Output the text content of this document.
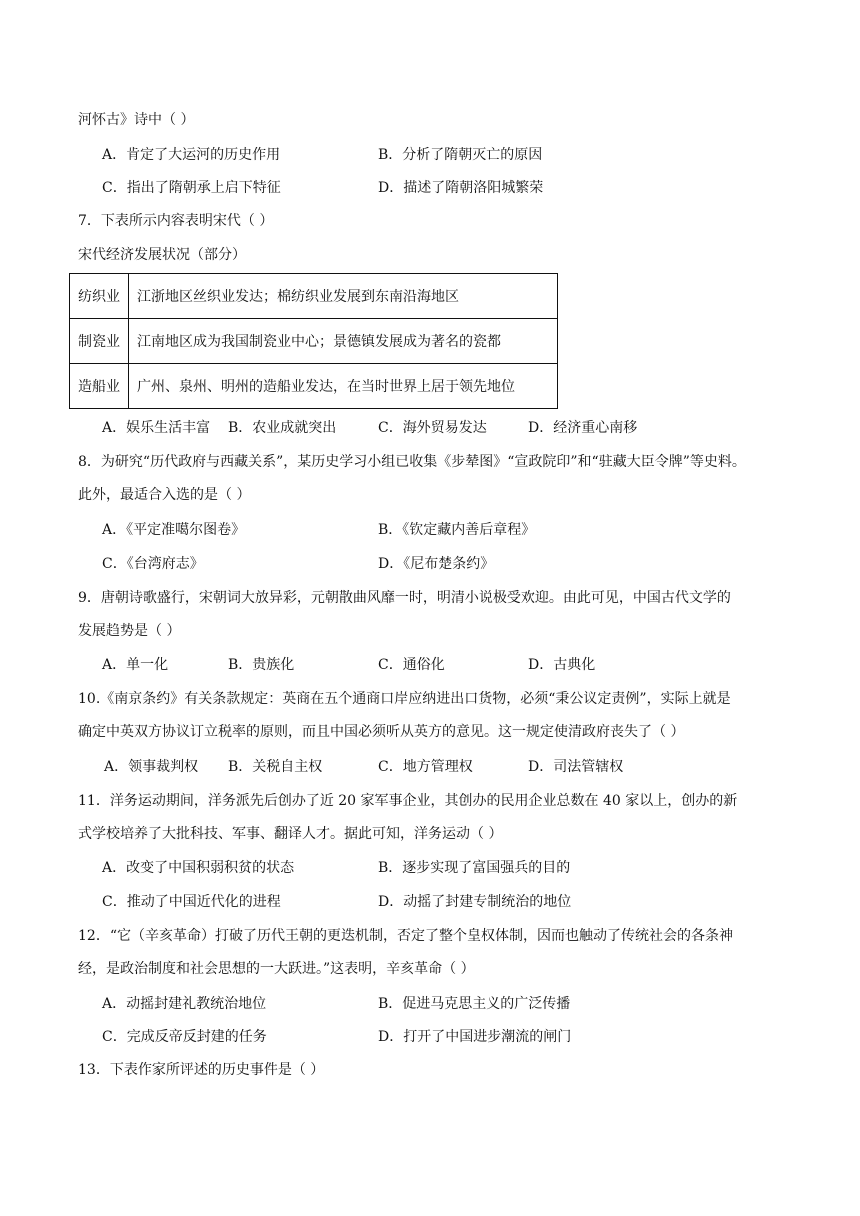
河怀古》诗中（ ）
A．肯定了大运河的历史作用	B．分析了隋朝灭亡的原因
C．指出了隋朝承上启下特征	D．描述了隋朝洛阳城繁荣
7．下表所示内容表明宋代（ ）
宋代经济发展状况（部分）
纺织业	江浙地区丝织业发达；棉纺织业发展到东南沿海地区
制瓷业	江南地区成为我国制瓷业中心；景德镇发展成为著名的瓷都
造船业	广州、泉州、明州的造船业发达，在当时世界上居于领先地位
A．娱乐生活丰富 B．农业成就突出	C．海外贸易发达	D．经济重心南移
8．为研究“历代政府与西藏关系”，某历史学习小组已收集《步辇图》“宣政院印”和“驻藏大臣令牌”等史料。
此外，最适合入选的是（ ）
A．《平定准噶尔图卷》	B．《钦定藏内善后章程》
C．《台湾府志》	D．《尼布楚条约》
9．唐朝诗歌盛行，宋朝词大放异彩，元朝散曲风靡一时，明清小说极受欢迎。由此可见，中国古代文学的
发展趋势是（ ）
A．单一化	B．贵族化	C．通俗化	D．古典化
10.《南京条约》有关条款规定：英商在五个通商口岸应纳进出口货物，必须“秉公议定责例”，实际上就是
确定中英双方协议订立税率的原则，而且中国必须听从英方的意见。这一规定使清政府丧失了（ ）
A．领事裁判权 B．关税自主权	C．地方管理权	D．司法管辖权
11．洋务运动期间，洋务派先后创办了近 20 家军事企业，其创办的民用企业总数在 40 家以上，创办的新
式学校培养了大批科技、军事、翻译人才。据此可知，洋务运动（ ）
A．改变了中国积弱积贫的状态	B．逐步实现了富国强兵的目的
C．推动了中国近代化的进程	D．动摇了封建专制统治的地位
12．“它（辛亥革命）打破了历代王朝的更迭机制，否定了整个皇权体制，因而也触动了传统社会的各条神
经，是政治制度和社会思想的一大跃进。”这表明，辛亥革命（ ）
A．动摇封建礼教统治地位	B．促进马克思主义的广泛传播
C．完成反帝反封建的任务	D．打开了中国进步潮流的闸门
13．下表作家所评述的历史事件是（ ）
